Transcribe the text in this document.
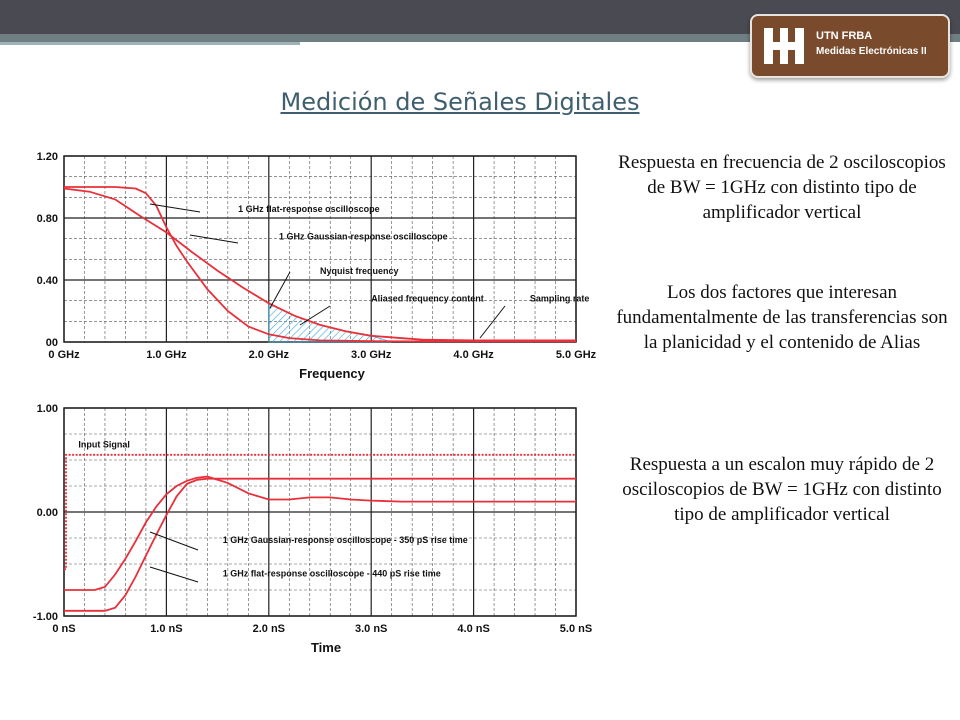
UTN FRBA
Medidas Electrónicas II
Medición de Señales Digitales
Respuesta en frecuencia de 2 osciloscopios de BW = 1GHz con distinto tipo de amplificador vertical
Los dos factores que interesan fundamentalmente de las transferencias son la planicidad y el contenido de Alias
Respuesta a un escalon muy rápido de 2 osciloscopios de BW = 1GHz con distinto tipo de amplificador vertical
1 GHz flat-response oscilloscope
1 GHz Gaussian-response oscilloscope
Nyquist frequency
Aliased frequency content	Sampling rate
0 GHz	1.0 GHz	2.0 GHz	3.0 GHz	4.0 GHz	5.0 GHz
00
0.40
0.80
1.20
Frequency
Input Signal
1 GHz Gaussian-response oscilloscope - 350 pS rise time
1 GHz flat-response oscilloscope - 440 pS rise time
0 nS	1.0 nS	2.0 nS	3.0 nS	4.0 nS	5.0 nS
-1.00
0.00
1.00
Time
